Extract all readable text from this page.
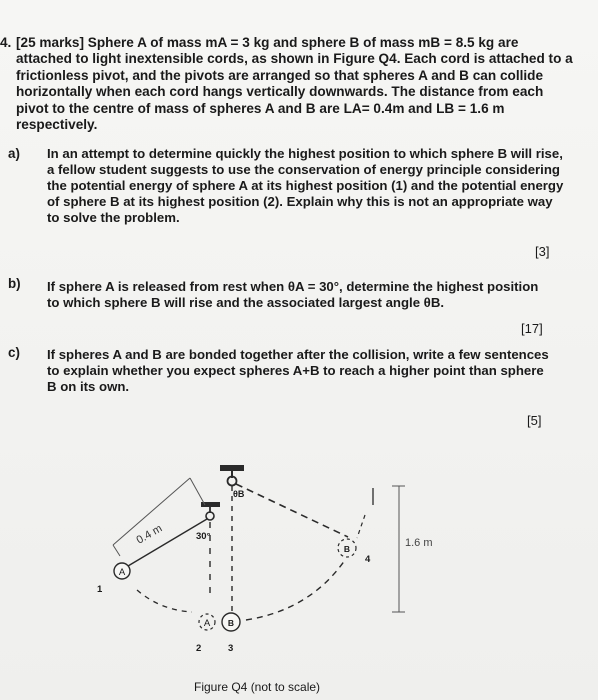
4. [25 marks] Sphere A of mass mA = 3 kg and sphere B of mass mB = 8.5 kg are attached to light inextensible cords, as shown in Figure Q4. Each cord is attached to a frictionless pivot, and the pivots are arranged so that spheres A and B can collide horizontally when each cord hangs vertically downwards. The distance from each pivot to the centre of mass of spheres A and B are LA= 0.4m and LB = 1.6 m respectively.
a) In an attempt to determine quickly the highest position to which sphere B will rise, a fellow student suggests to use the conservation of energy principle considering the potential energy of sphere A at its highest position (1) and the potential energy of sphere B at its highest position (2). Explain why this is not an appropriate way to solve the problem.
[3]
b) If sphere A is released from rest when θA = 30°, determine the highest position to which sphere B will rise and the associated largest angle θB.
[17]
c) If spheres A and B are bonded together after the collision, write a few sentences to explain whether you expect spheres A+B to reach a higher point than sphere B on its own.
[5]
A
A B
B
0.4 m	1.6 m
30°
θB
1
2	3
4
Figure Q4 (not to scale)
